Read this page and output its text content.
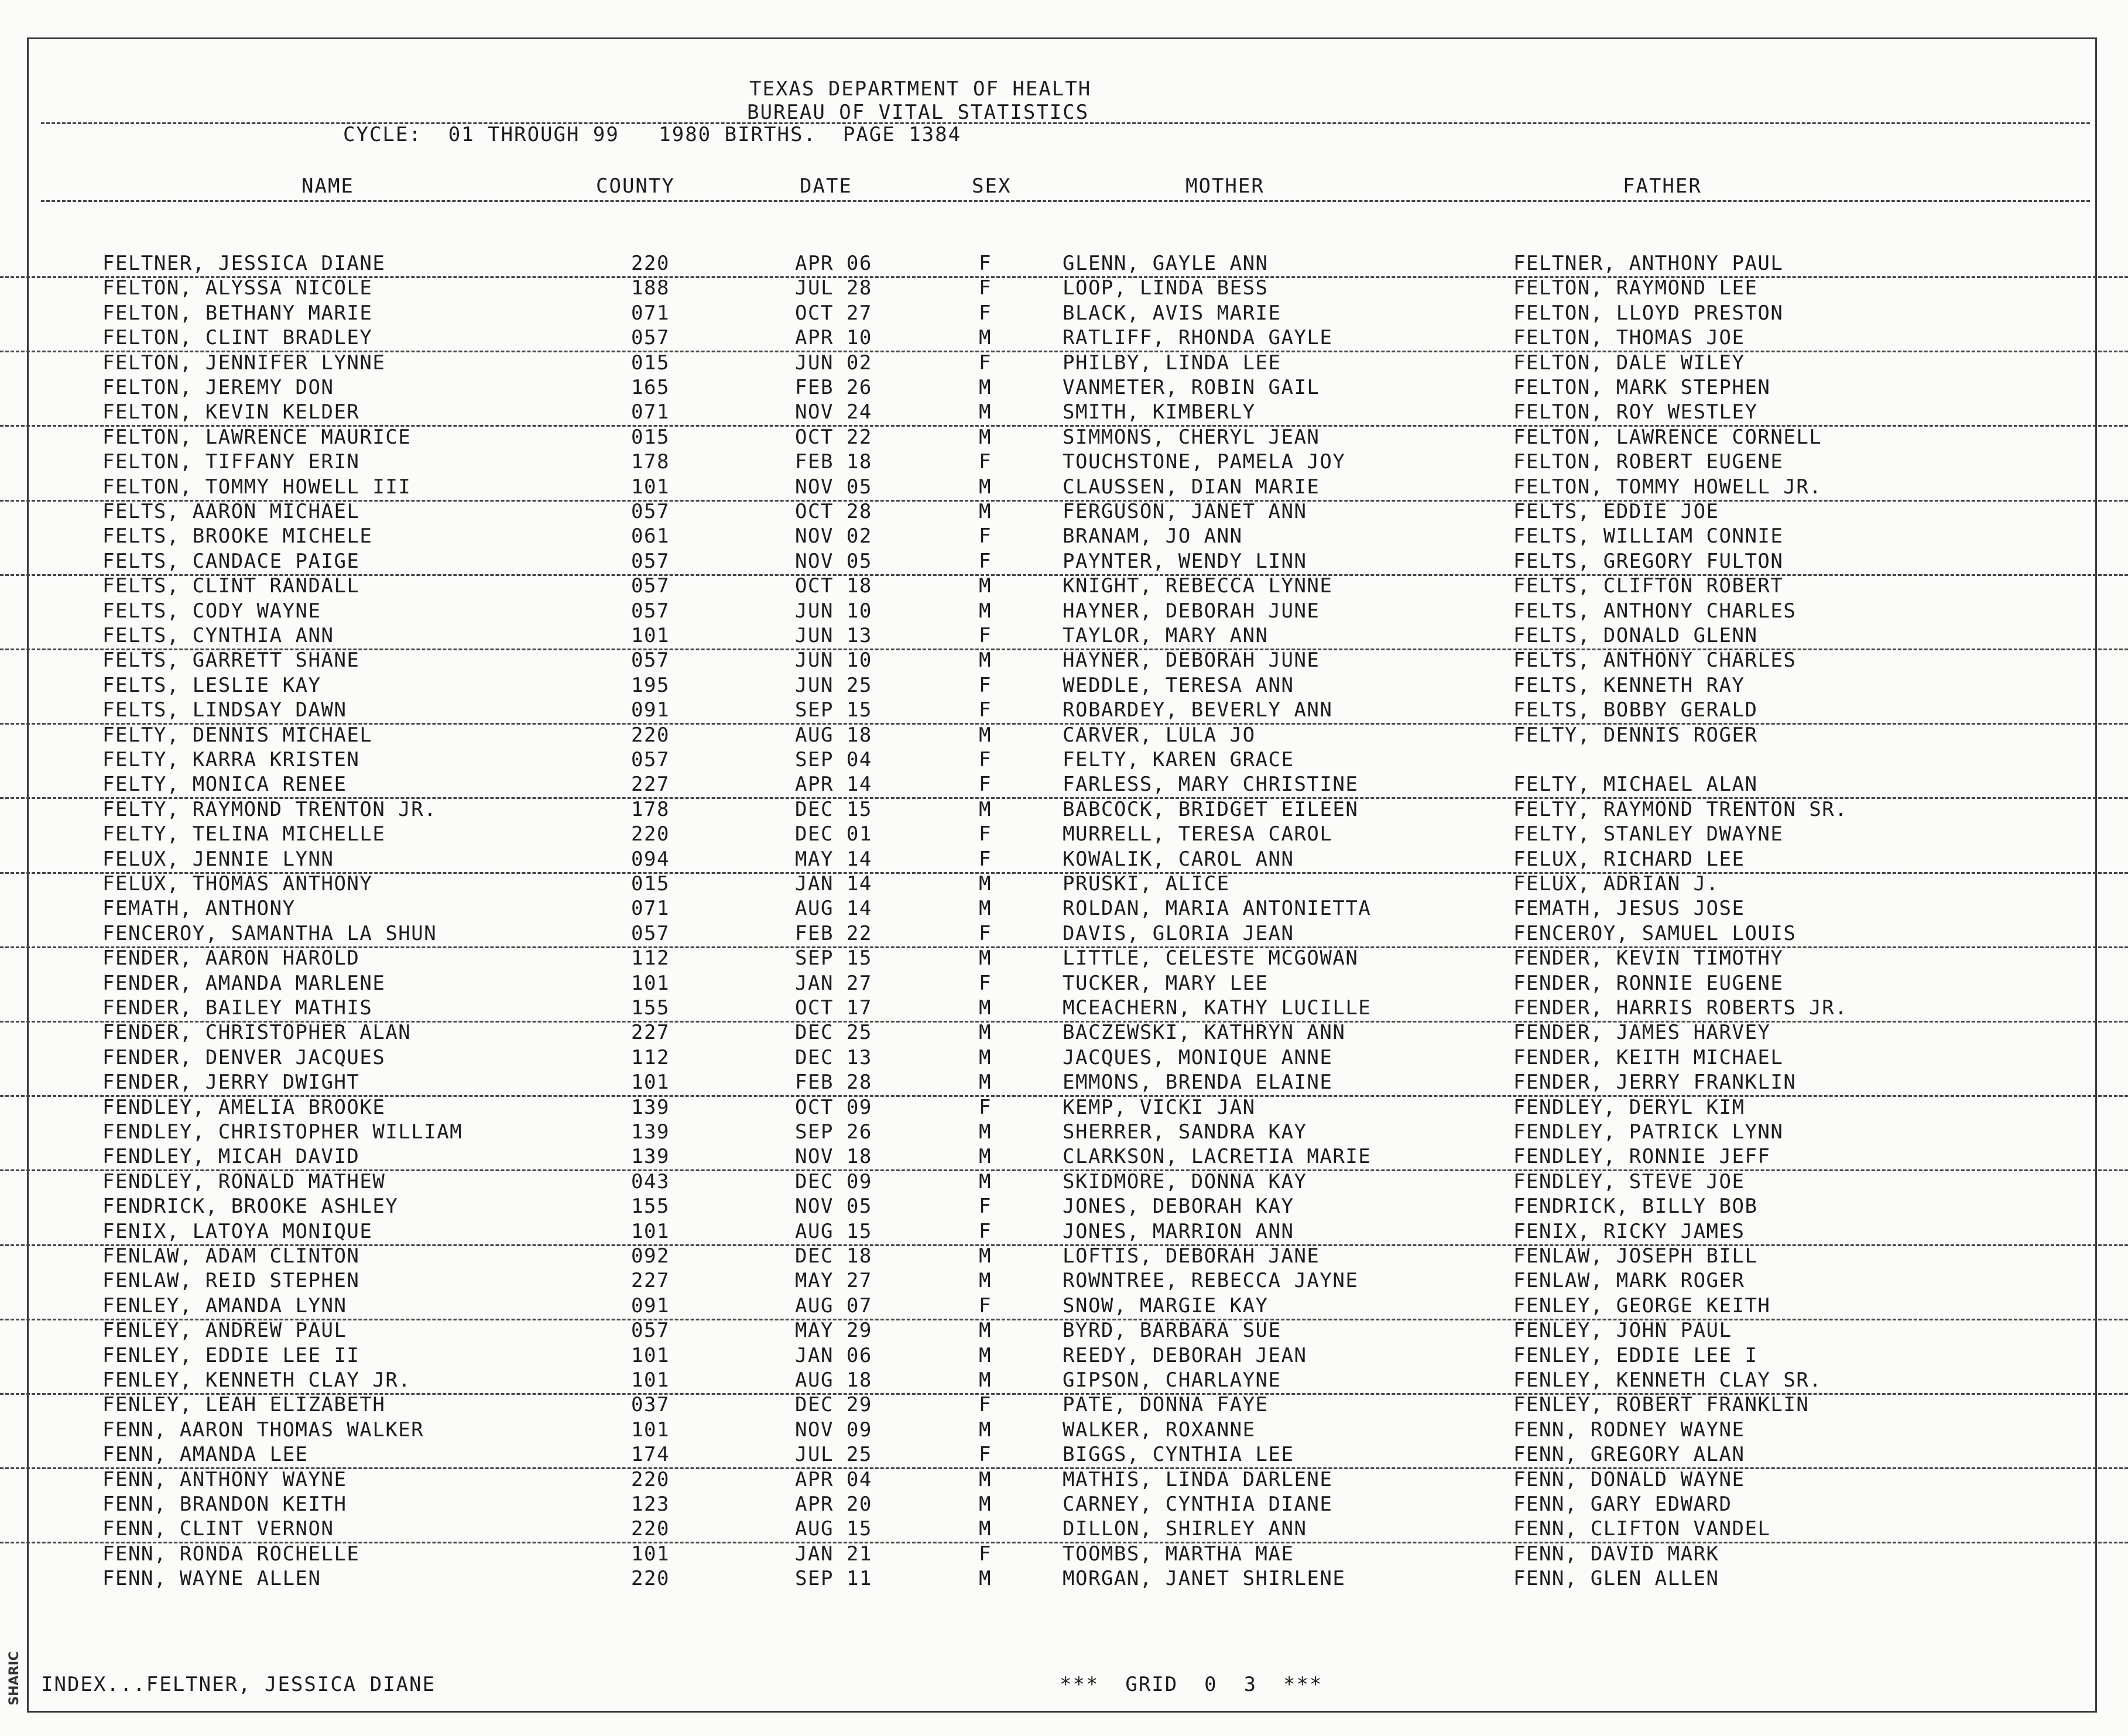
SHARIC
TEXAS DEPARTMENT OF HEALTH
BUREAU OF VITAL STATISTICS
CYCLE:  01 THROUGH 99   1980 BIRTHS.  PAGE 1384
NAME	COUNTY	DATE	SEX	MOTHER	FATHER
FELTNER, JESSICA DIANE	220	APR 06	F	GLENN, GAYLE ANN	FELTNER, ANTHONY PAUL
FELTON, ALYSSA NICOLE	188	JUL 28	F	LOOP, LINDA BESS	FELTON, RAYMOND LEE
FELTON, BETHANY MARIE	071	OCT 27	F	BLACK, AVIS MARIE	FELTON, LLOYD PRESTON
FELTON, CLINT BRADLEY	057	APR 10	M	RATLIFF, RHONDA GAYLE	FELTON, THOMAS JOE
FELTON, JENNIFER LYNNE	015	JUN 02	F	PHILBY, LINDA LEE	FELTON, DALE WILEY
FELTON, JEREMY DON	165	FEB 26	M	VANMETER, ROBIN GAIL	FELTON, MARK STEPHEN
FELTON, KEVIN KELDER	071	NOV 24	M	SMITH, KIMBERLY	FELTON, ROY WESTLEY
FELTON, LAWRENCE MAURICE	015	OCT 22	M	SIMMONS, CHERYL JEAN	FELTON, LAWRENCE CORNELL
FELTON, TIFFANY ERIN	178	FEB 18	F	TOUCHSTONE, PAMELA JOY	FELTON, ROBERT EUGENE
FELTON, TOMMY HOWELL III	101	NOV 05	M	CLAUSSEN, DIAN MARIE	FELTON, TOMMY HOWELL JR.
FELTS, AARON MICHAEL	057	OCT 28	M	FERGUSON, JANET ANN	FELTS, EDDIE JOE
FELTS, BROOKE MICHELE	061	NOV 02	F	BRANAM, JO ANN	FELTS, WILLIAM CONNIE
FELTS, CANDACE PAIGE	057	NOV 05	F	PAYNTER, WENDY LINN	FELTS, GREGORY FULTON
FELTS, CLINT RANDALL	057	OCT 18	M	KNIGHT, REBECCA LYNNE	FELTS, CLIFTON ROBERT
FELTS, CODY WAYNE	057	JUN 10	M	HAYNER, DEBORAH JUNE	FELTS, ANTHONY CHARLES
FELTS, CYNTHIA ANN	101	JUN 13	F	TAYLOR, MARY ANN	FELTS, DONALD GLENN
FELTS, GARRETT SHANE	057	JUN 10	M	HAYNER, DEBORAH JUNE	FELTS, ANTHONY CHARLES
FELTS, LESLIE KAY	195	JUN 25	F	WEDDLE, TERESA ANN	FELTS, KENNETH RAY
FELTS, LINDSAY DAWN	091	SEP 15	F	ROBARDEY, BEVERLY ANN	FELTS, BOBBY GERALD
FELTY, DENNIS MICHAEL	220	AUG 18	M	CARVER, LULA JO	FELTY, DENNIS ROGER
FELTY, KARRA KRISTEN	057	SEP 04	F	FELTY, KAREN GRACE
FELTY, MONICA RENEE	227	APR 14	F	FARLESS, MARY CHRISTINE	FELTY, MICHAEL ALAN
FELTY, RAYMOND TRENTON JR.	178	DEC 15	M	BABCOCK, BRIDGET EILEEN	FELTY, RAYMOND TRENTON SR.
FELTY, TELINA MICHELLE	220	DEC 01	F	MURRELL, TERESA CAROL	FELTY, STANLEY DWAYNE
FELUX, JENNIE LYNN	094	MAY 14	F	KOWALIK, CAROL ANN	FELUX, RICHARD LEE
FELUX, THOMAS ANTHONY	015	JAN 14	M	PRUSKI, ALICE	FELUX, ADRIAN J.
FEMATH, ANTHONY	071	AUG 14	M	ROLDAN, MARIA ANTONIETTA	FEMATH, JESUS JOSE
FENCEROY, SAMANTHA LA SHUN	057	FEB 22	F	DAVIS, GLORIA JEAN	FENCEROY, SAMUEL LOUIS
FENDER, AARON HAROLD	112	SEP 15	M	LITTLE, CELESTE MCGOWAN	FENDER, KEVIN TIMOTHY
FENDER, AMANDA MARLENE	101	JAN 27	F	TUCKER, MARY LEE	FENDER, RONNIE EUGENE
FENDER, BAILEY MATHIS	155	OCT 17	M	MCEACHERN, KATHY LUCILLE	FENDER, HARRIS ROBERTS JR.
FENDER, CHRISTOPHER ALAN	227	DEC 25	M	BACZEWSKI, KATHRYN ANN	FENDER, JAMES HARVEY
FENDER, DENVER JACQUES	112	DEC 13	M	JACQUES, MONIQUE ANNE	FENDER, KEITH MICHAEL
FENDER, JERRY DWIGHT	101	FEB 28	M	EMMONS, BRENDA ELAINE	FENDER, JERRY FRANKLIN
FENDLEY, AMELIA BROOKE	139	OCT 09	F	KEMP, VICKI JAN	FENDLEY, DERYL KIM
FENDLEY, CHRISTOPHER WILLIAM	139	SEP 26	M	SHERRER, SANDRA KAY	FENDLEY, PATRICK LYNN
FENDLEY, MICAH DAVID	139	NOV 18	M	CLARKSON, LACRETIA MARIE	FENDLEY, RONNIE JEFF
FENDLEY, RONALD MATHEW	043	DEC 09	M	SKIDMORE, DONNA KAY	FENDLEY, STEVE JOE
FENDRICK, BROOKE ASHLEY	155	NOV 05	F	JONES, DEBORAH KAY	FENDRICK, BILLY BOB
FENIX, LATOYA MONIQUE	101	AUG 15	F	JONES, MARRION ANN	FENIX, RICKY JAMES
FENLAW, ADAM CLINTON	092	DEC 18	M	LOFTIS, DEBORAH JANE	FENLAW, JOSEPH BILL
FENLAW, REID STEPHEN	227	MAY 27	M	ROWNTREE, REBECCA JAYNE	FENLAW, MARK ROGER
FENLEY, AMANDA LYNN	091	AUG 07	F	SNOW, MARGIE KAY	FENLEY, GEORGE KEITH
FENLEY, ANDREW PAUL	057	MAY 29	M	BYRD, BARBARA SUE	FENLEY, JOHN PAUL
FENLEY, EDDIE LEE II	101	JAN 06	M	REEDY, DEBORAH JEAN	FENLEY, EDDIE LEE I
FENLEY, KENNETH CLAY JR.	101	AUG 18	M	GIPSON, CHARLAYNE	FENLEY, KENNETH CLAY SR.
FENLEY, LEAH ELIZABETH	037	DEC 29	F	PATE, DONNA FAYE	FENLEY, ROBERT FRANKLIN
FENN, AARON THOMAS WALKER	101	NOV 09	M	WALKER, ROXANNE	FENN, RODNEY WAYNE
FENN, AMANDA LEE	174	JUL 25	F	BIGGS, CYNTHIA LEE	FENN, GREGORY ALAN
FENN, ANTHONY WAYNE	220	APR 04	M	MATHIS, LINDA DARLENE	FENN, DONALD WAYNE
FENN, BRANDON KEITH	123	APR 20	M	CARNEY, CYNTHIA DIANE	FENN, GARY EDWARD
FENN, CLINT VERNON	220	AUG 15	M	DILLON, SHIRLEY ANN	FENN, CLIFTON VANDEL
FENN, RONDA ROCHELLE	101	JAN 21	F	TOOMBS, MARTHA MAE	FENN, DAVID MARK
FENN, WAYNE ALLEN	220	SEP 11	M	MORGAN, JANET SHIRLENE	FENN, GLEN ALLEN
INDEX...FELTNER, JESSICA DIANE	***  GRID  0  3  ***
